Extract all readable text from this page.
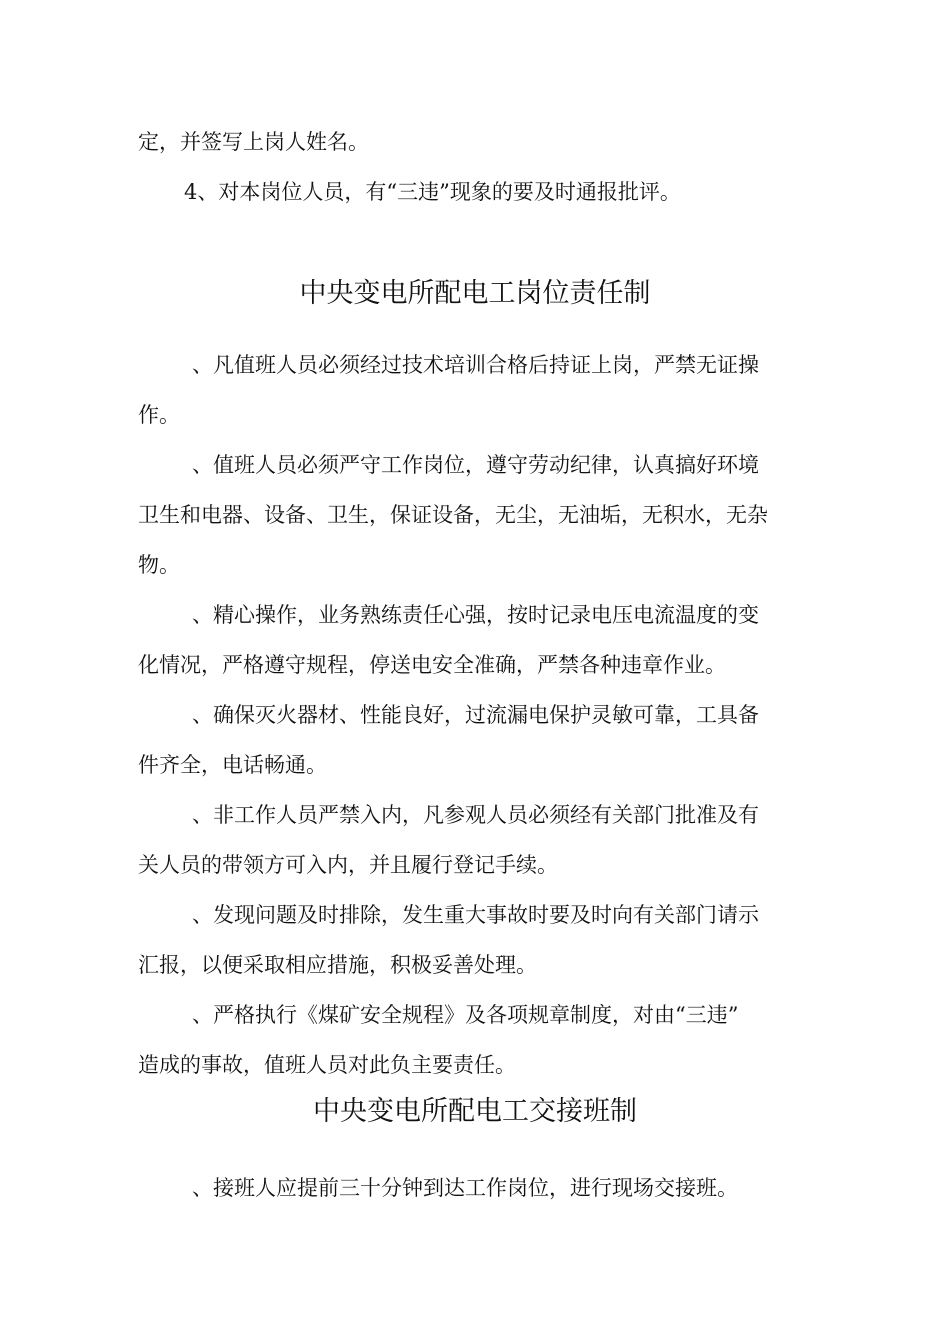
定，并签写上岗人姓名。
4、对本岗位人员，有“三违”现象的要及时通报批评。
中央变电所配电工岗位责任制
、凡值班人员必须经过技术培训合格后持证上岗，严禁无证操
作。
、值班人员必须严守工作岗位，遵守劳动纪律，认真搞好环境
卫生和电器、设备、卫生，保证设备，无尘，无油垢，无积水，无杂
物。
、精心操作，业务熟练责任心强，按时记录电压电流温度的变
化情况，严格遵守规程，停送电安全准确，严禁各种违章作业。
、确保灭火器材、性能良好，过流漏电保护灵敏可靠，工具备
件齐全，电话畅通。
、非工作人员严禁入内，凡参观人员必须经有关部门批准及有
关人员的带领方可入内，并且履行登记手续。
、发现问题及时排除，发生重大事故时要及时向有关部门请示
汇报，以便采取相应措施，积极妥善处理。
、严格执行《煤矿安全规程》及各项规章制度，对由“三违”
造成的事故，值班人员对此负主要责任。
中央变电所配电工交接班制
、接班人应提前三十分钟到达工作岗位，进行现场交接班。
